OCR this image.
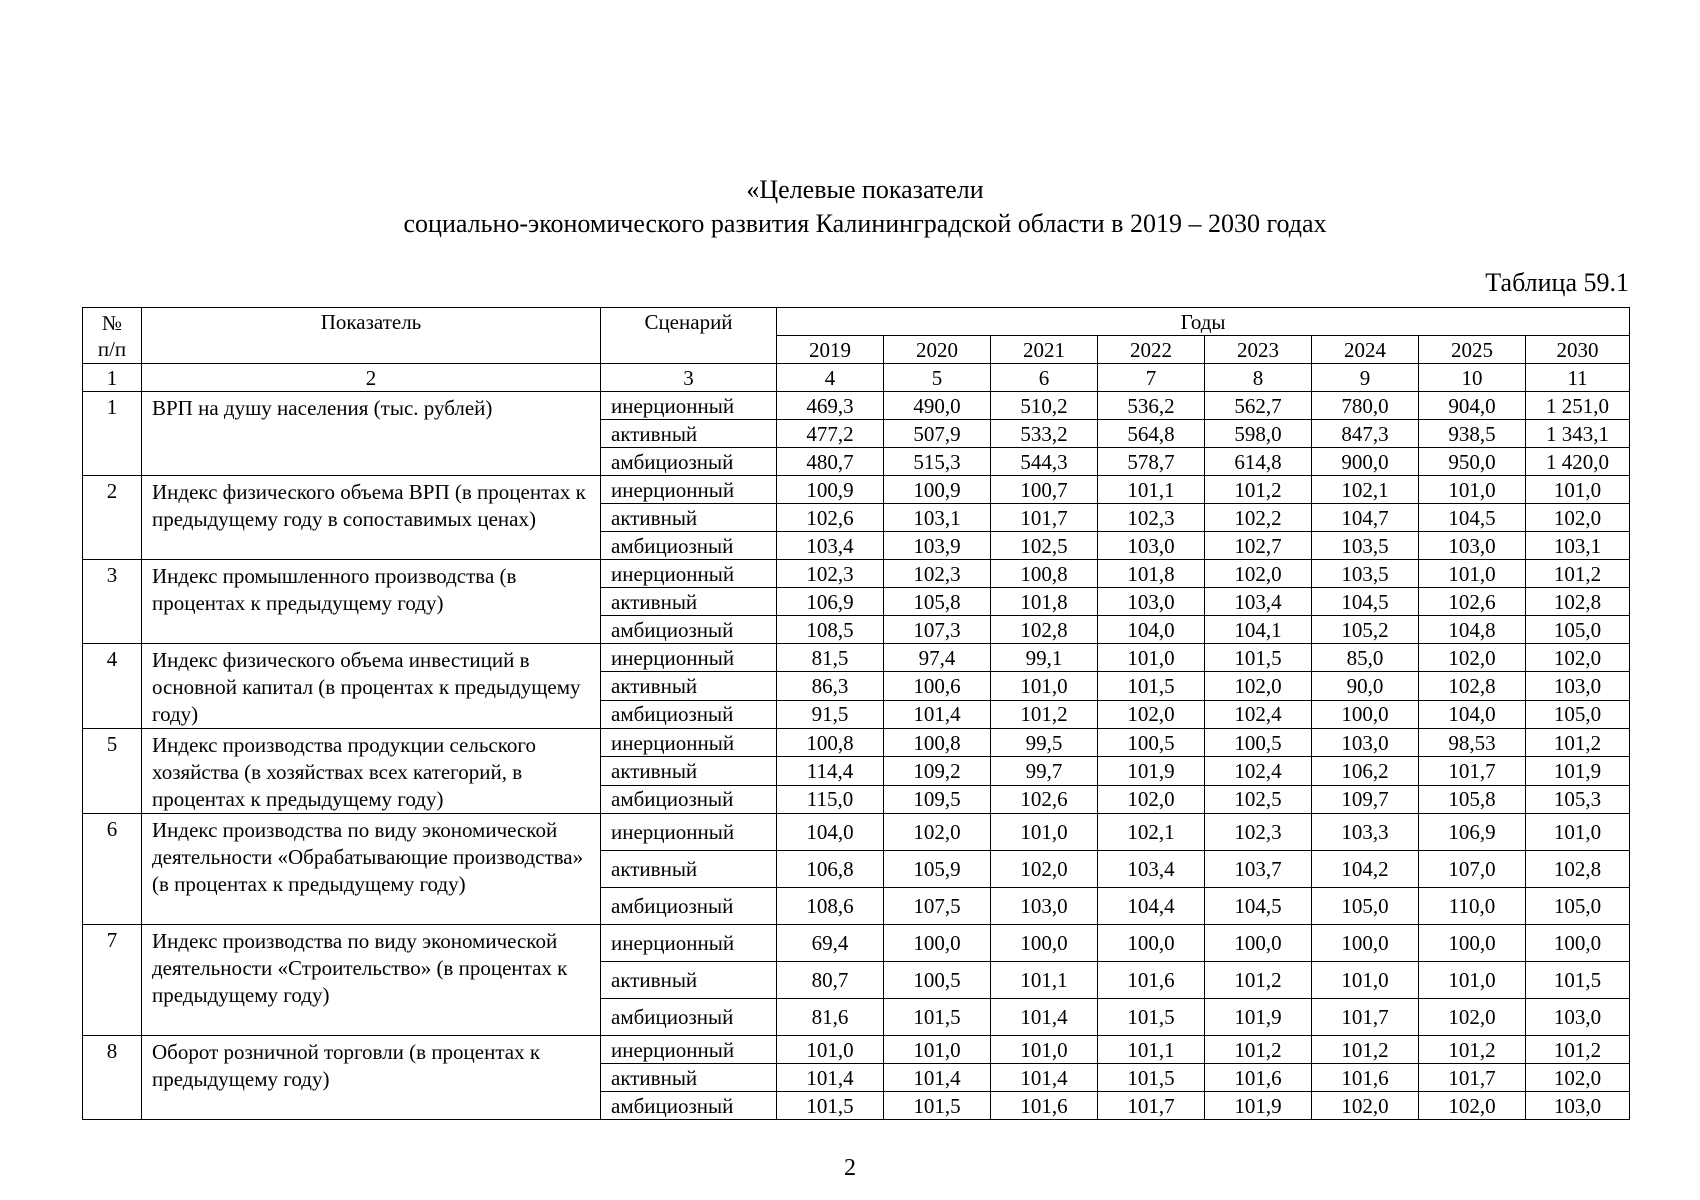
«Целевые показатели
социально-экономического развития Калининградской области в 2019 – 2030 годах
Таблица 59.1
№
п/п	Показатель	Сценарий	Годы							
			2019	2020	2021	2022	2023	2024	2025	2030
1	2	3	4	5	6	7	8	9	10	11
1	ВРП на душу населения (тыс. рублей)	инерционный	469,3	490,0	510,2	536,2	562,7	780,0	904,0	1 251,0
		активный	477,2	507,9	533,2	564,8	598,0	847,3	938,5	1 343,1
		амбициозный	480,7	515,3	544,3	578,7	614,8	900,0	950,0	1 420,0
2	Индекс физического объема ВРП (в процентах к предыдущему году в сопоставимых ценах)	инерционный	100,9	100,9	100,7	101,1	101,2	102,1	101,0	101,0
		активный	102,6	103,1	101,7	102,3	102,2	104,7	104,5	102,0
		амбициозный	103,4	103,9	102,5	103,0	102,7	103,5	103,0	103,1
3	Индекс промышленного производства (в процентах к предыдущему году)	инерционный	102,3	102,3	100,8	101,8	102,0	103,5	101,0	101,2
		активный	106,9	105,8	101,8	103,0	103,4	104,5	102,6	102,8
		амбициозный	108,5	107,3	102,8	104,0	104,1	105,2	104,8	105,0
4	Индекс физического объема инвестиций в основной капитал (в процентах к предыдущему году)	инерционный	81,5	97,4	99,1	101,0	101,5	85,0	102,0	102,0
		активный	86,3	100,6	101,0	101,5	102,0	90,0	102,8	103,0
		амбициозный	91,5	101,4	101,2	102,0	102,4	100,0	104,0	105,0
5	Индекс производства продукции сельского хозяйства (в хозяйствах всех категорий, в процентах к предыдущему году)	инерционный	100,8	100,8	99,5	100,5	100,5	103,0	98,53	101,2
		активный	114,4	109,2	99,7	101,9	102,4	106,2	101,7	101,9
		амбициозный	115,0	109,5	102,6	102,0	102,5	109,7	105,8	105,3
6	Индекс производства по виду экономической деятельности «Обрабатывающие производства» (в процентах к предыдущему году)	инерционный	104,0	102,0	101,0	102,1	102,3	103,3	106,9	101,0
		активный	106,8	105,9	102,0	103,4	103,7	104,2	107,0	102,8
		амбициозный	108,6	107,5	103,0	104,4	104,5	105,0	110,0	105,0
7	Индекс производства по виду экономической деятельности «Строительство» (в процентах к предыдущему году)	инерционный	69,4	100,0	100,0	100,0	100,0	100,0	100,0	100,0
		активный	80,7	100,5	101,1	101,6	101,2	101,0	101,0	101,5
		амбициозный	81,6	101,5	101,4	101,5	101,9	101,7	102,0	103,0
8	Оборот розничной торговли (в процентах к предыдущему году)	инерционный	101,0	101,0	101,0	101,1	101,2	101,2	101,2	101,2
		активный	101,4	101,4	101,4	101,5	101,6	101,6	101,7	102,0
		амбициозный	101,5	101,5	101,6	101,7	101,9	102,0	102,0	103,0
2
